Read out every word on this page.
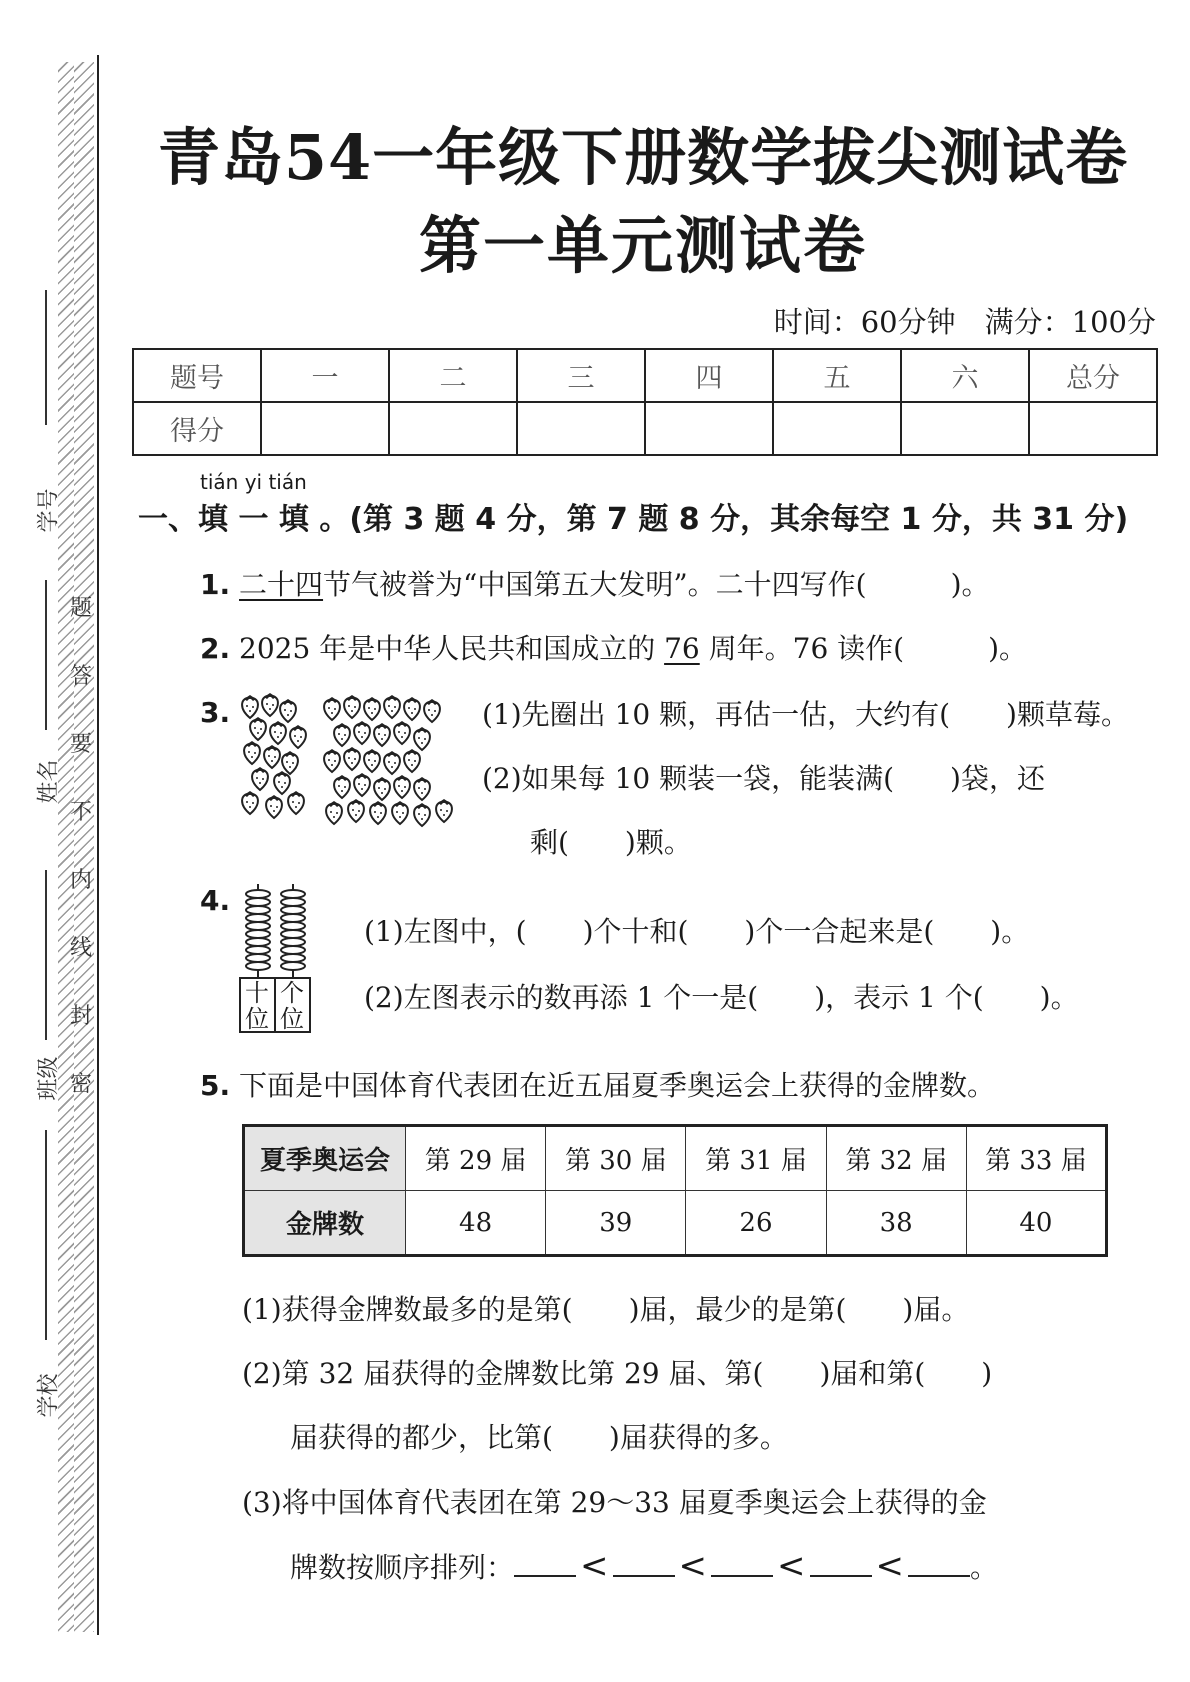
学号
姓名
班级
学校
题
答
要
不
内
线
封
密
青岛54一年级下册数学拔尖测试卷
第一单元测试卷
时间：60分钟　满分：100分
题号	一	二	三	四	五	六	总分
得分							
tián yi tián
一、填 一 填 。(第 3 题 4 分，第 7 题 8 分，其余每空 1 分，共 31 分)
1. 二十四节气被誉为“中国第五大发明”。二十四写作(　　　)。
2. 2025 年是中华人民共和国成立的 76 周年。76 读作(　　　)。
3.	(1)先圈出 10 颗，再估一估，大约有(　　)颗草莓。
(2)如果每 10 颗装一袋，能装满(　　)袋，还
剩(　　)颗。
4.
十位
个位
(1)左图中，(　　)个十和(　　)个一合起来是(　　)。
(2)左图表示的数再添 1 个一是(　　)，表示 1 个(　　)。
5. 下面是中国体育代表团在近五届夏季奥运会上获得的金牌数。
夏季奥运会	第 29 届	第 30 届	第 31 届	第 32 届	第 33 届
金牌数	48	39	26	38	40
(1)获得金牌数最多的是第(　　)届，最少的是第(　　)届。
(2)第 32 届获得的金牌数比第 29 届、第(　　)届和第(　　)
届获得的都少，比第(　　)届获得的多。
(3)将中国体育代表团在第 29～33 届夏季奥运会上获得的金
牌数按顺序排列： < < < < 。
